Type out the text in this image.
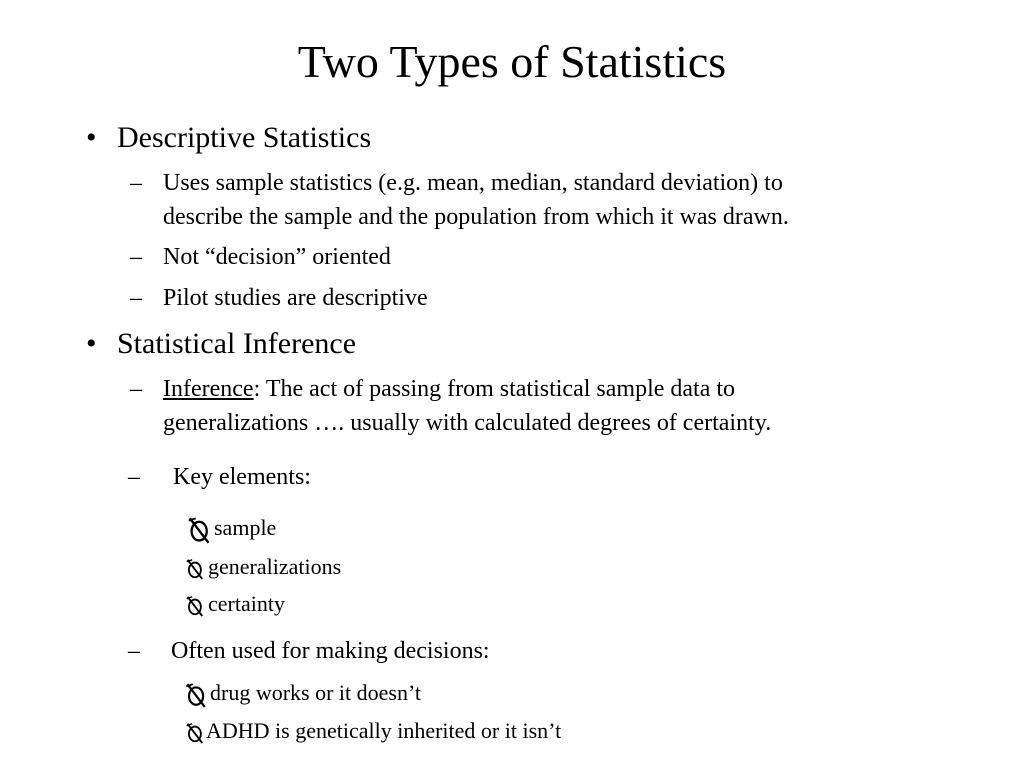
Two Types of Statistics
• Descriptive Statistics
– Uses sample statistics (e.g. mean, median, standard deviation) to
describe the sample and the population from which it was drawn.
– Not “decision” oriented
– Pilot studies are descriptive
• Statistical Inference
– Inference: The act of passing from statistical sample data to
generalizations …. usually with calculated degrees of certainty.
– Key elements:
sample
generalizations
certainty
– Often used for making decisions:
drug works or it doesn’t
ADHD is genetically inherited or it isn’t
